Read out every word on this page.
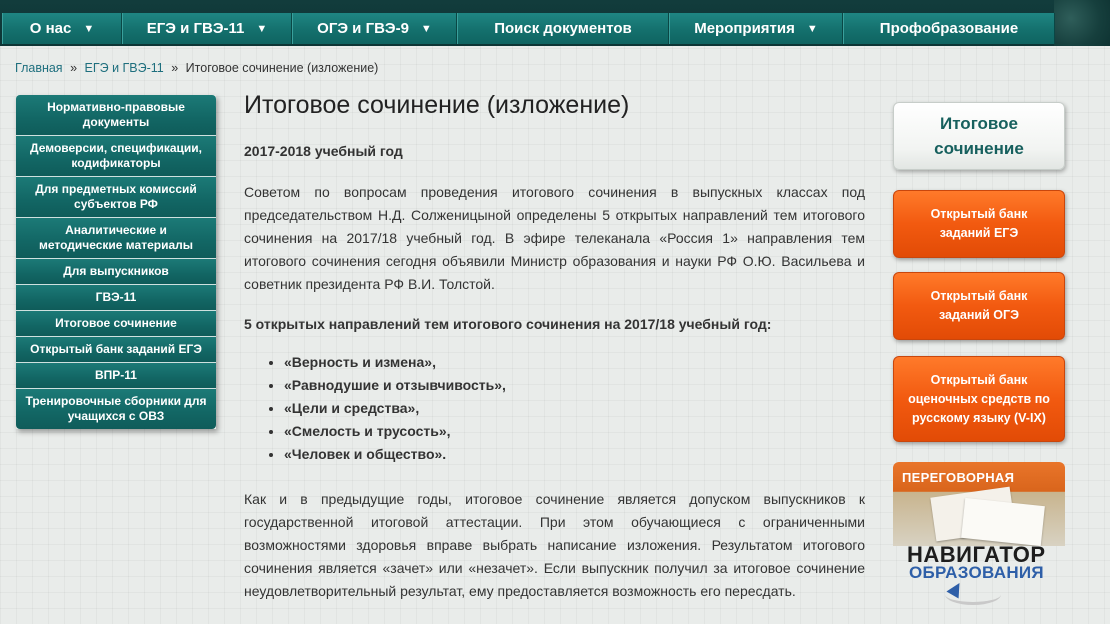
О нас ▼	ЕГЭ и ГВЭ-11 ▼	ОГЭ и ГВЭ-9 ▼	Поиск документов	Мероприятия ▼	Профобразование
Главная » ЕГЭ и ГВЭ-11 » Итоговое сочинение (изложение)
Нормативно-правовые документы
Демоверсии, спецификации, кодификаторы
Для предметных комиссий субъектов РФ
Аналитические и методические материалы
Для выпускников
ГВЭ-11
Итоговое сочинение
Открытый банк заданий ЕГЭ
ВПР-11
Тренировочные сборники для учащихся с ОВЗ
Итоговое сочинение (изложение)
2017-2018 учебный год
Советом по вопросам проведения итогового сочинения в выпускных классах под председательством Н.Д. Солженицыной определены 5 открытых направлений тем итогового сочинения на 2017/18 учебный год. В эфире телеканала «Россия 1» направления тем итогового сочинения сегодня объявили Министр образования и науки РФ О.Ю. Васильева и советник президента РФ В.И. Толстой.
5 открытых направлений тем итогового сочинения на 2017/18 учебный год:
• «Верность и измена»,
• «Равнодушие и отзывчивость»,
• «Цели и средства»,
• «Смелость и трусость»,
• «Человек и общество».
Как и в предыдущие годы, итоговое сочинение является допуском выпускников к государственной итоговой аттестации. При этом обучающиеся с ограниченными возможностями здоровья вправе выбрать написание изложения. Результатом итогового сочинения является «зачет» или «незачет». Если выпускник получил за итоговое сочинение неудовлетворительный результат, ему предоставляется возможность его пересдать.
Итоговое сочинение
Открытый банк заданий ЕГЭ
Открытый банк заданий ОГЭ
Открытый банк оценочных средств по русскому языку (V-IX)
ПЕРЕГОВОРНАЯ
НАВИГАТОР
ОБРАЗОВАНИЯ
